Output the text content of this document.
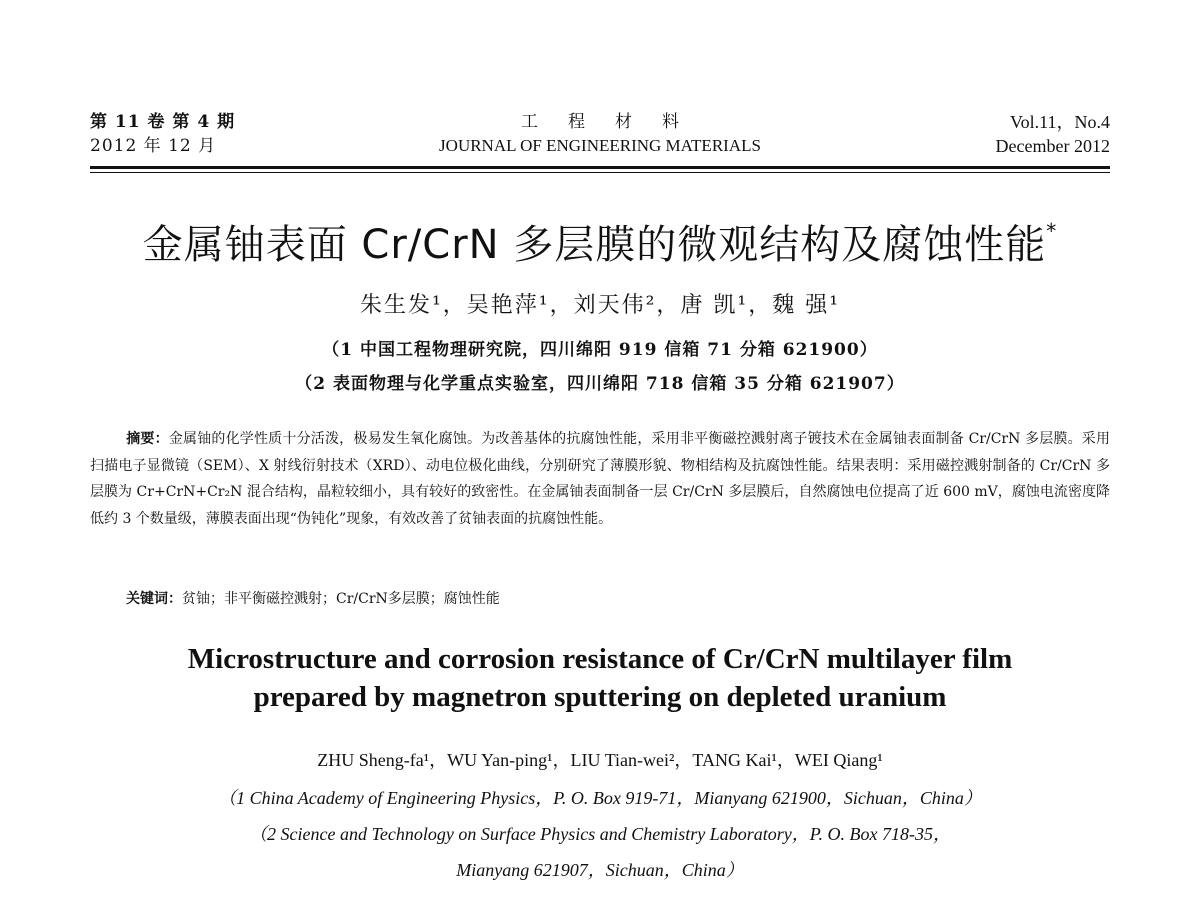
第 11 卷 第 4 期
2012 年 12 月
工程材料
JOURNAL OF ENGINEERING MATERIALS
Vol.11，No.4
December 2012
金属铀表面 Cr/CrN 多层膜的微观结构及腐蚀性能*
朱生发¹，吴艳萍¹，刘天伟²，唐 凯¹，魏 强¹
（1 中国工程物理研究院，四川绵阳 919 信箱 71 分箱 621900）
（2 表面物理与化学重点实验室，四川绵阳 718 信箱 35 分箱 621907）
摘要：金属铀的化学性质十分活泼，极易发生氧化腐蚀。为改善基体的抗腐蚀性能，采用非平衡磁控溅射离子镀技术在金属铀表面制备 Cr/CrN 多层膜。采用扫描电子显微镜（SEM）、X 射线衍射技术（XRD）、动电位极化曲线，分别研究了薄膜形貌、物相结构及抗腐蚀性能。结果表明：采用磁控溅射制备的 Cr/CrN 多层膜为 Cr+CrN+Cr₂N 混合结构，晶粒较细小，具有较好的致密性。在金属铀表面制备一层 Cr/CrN 多层膜后，自然腐蚀电位提高了近 600 mV，腐蚀电流密度降低约 3 个数量级，薄膜表面出现“伪钝化”现象，有效改善了贫铀表面的抗腐蚀性能。
关键词：贫铀；非平衡磁控溅射；Cr/CrN多层膜；腐蚀性能
Microstructure and corrosion resistance of Cr/CrN multilayer film
prepared by magnetron sputtering on depleted uranium
ZHU Sheng-fa¹，WU Yan-ping¹，LIU Tian-wei²，TANG Kai¹，WEI Qiang¹
（1 China Academy of Engineering Physics，P. O. Box 919-71，Mianyang 621900，Sichuan，China）
（2 Science and Technology on Surface Physics and Chemistry Laboratory，P. O. Box 718-35，
Mianyang 621907，Sichuan，China）
